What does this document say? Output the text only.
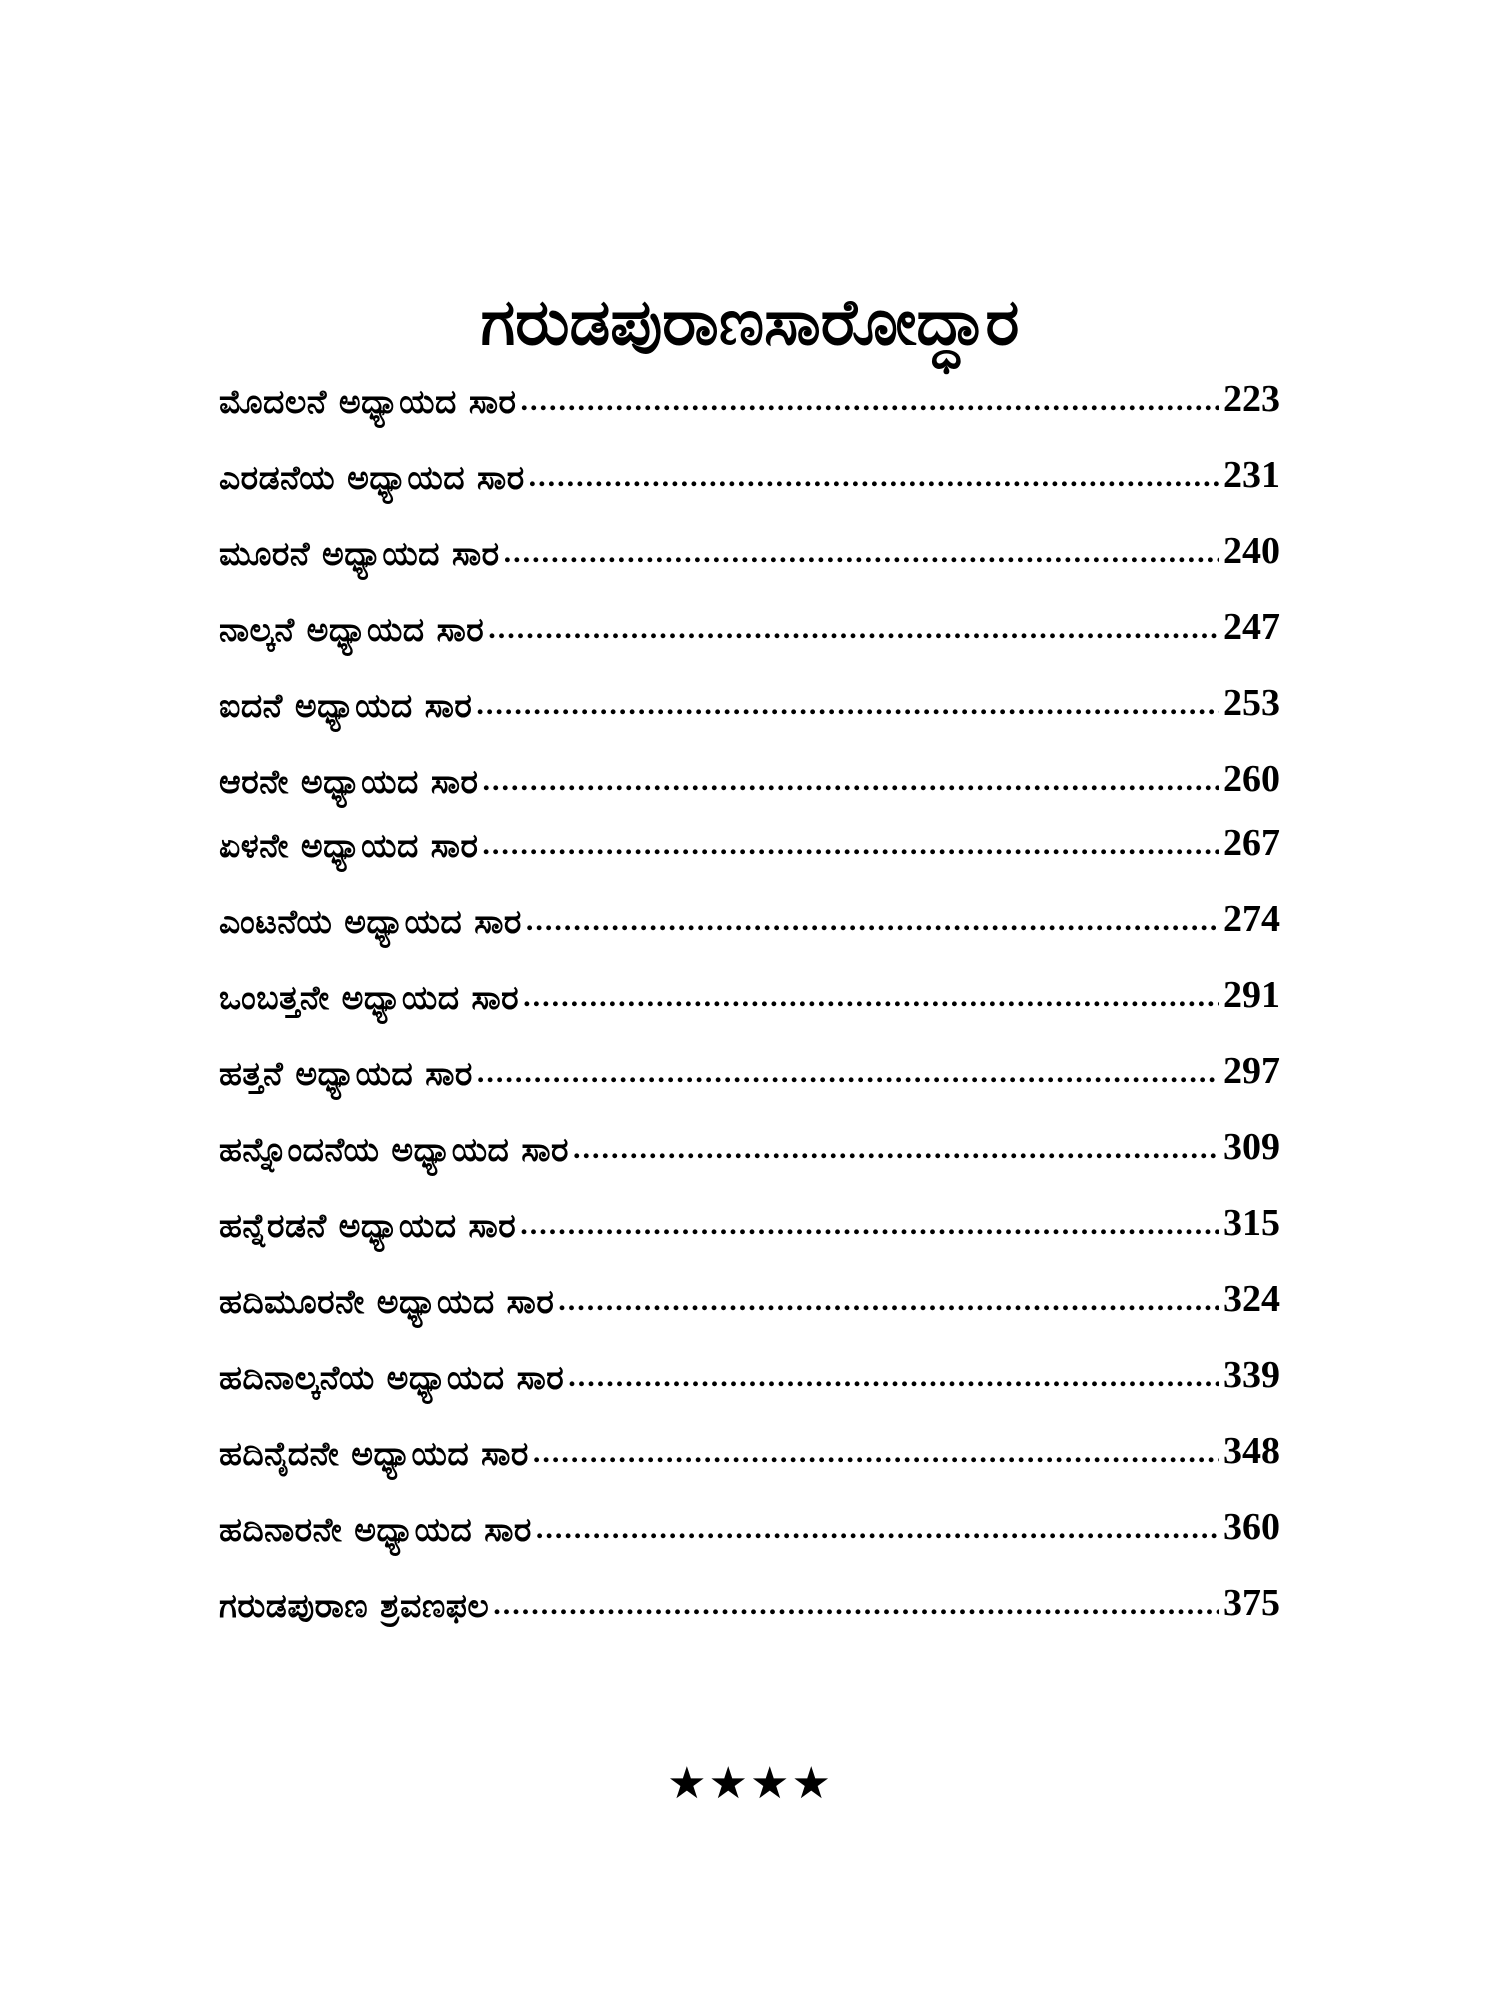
ಗರುಡಪುರಾಣಸಾರೋದ್ಧಾರ
ಮೊದಲನೆ ಅಧ್ಯಾಯದ ಸಾರ .....	223
ಎರಡನೆಯ ಅಧ್ಯಾಯದ ಸಾರ .....	231
ಮೂರನೆ ಅಧ್ಯಾಯದ ಸಾರ .....	240
ನಾಲ್ಕನೆ ಅಧ್ಯಾಯದ ಸಾರ .....	247
ಐದನೆ ಅಧ್ಯಾಯದ ಸಾರ .....	253
ಆರನೇ ಅಧ್ಯಾಯದ ಸಾರ .....	260
ಏಳನೇ ಅಧ್ಯಾಯದ ಸಾರ .....	267
ಎಂಟನೆಯ ಅಧ್ಯಾಯದ ಸಾರ .....	274
ಒಂಬತ್ತನೇ ಅಧ್ಯಾಯದ ಸಾರ .....	291
ಹತ್ತನೆ ಅಧ್ಯಾಯದ ಸಾರ .....	297
ಹನ್ನೊಂದನೆಯ ಅಧ್ಯಾಯದ ಸಾರ .....	309
ಹನ್ನೆರಡನೆ ಅಧ್ಯಾಯದ ಸಾರ .....	315
ಹದಿಮೂರನೇ ಅಧ್ಯಾಯದ ಸಾರ .....	324
ಹದಿನಾಲ್ಕನೆಯ ಅಧ್ಯಾಯದ ಸಾರ .....	339
ಹದಿನೈದನೇ ಅಧ್ಯಾಯದ ಸಾರ .....	348
ಹದಿನಾರನೇ ಅಧ್ಯಾಯದ ಸಾರ .....	360
ಗರುಡಪುರಾಣ ಶ್ರವಣಫಲ .....	375
★★★★
